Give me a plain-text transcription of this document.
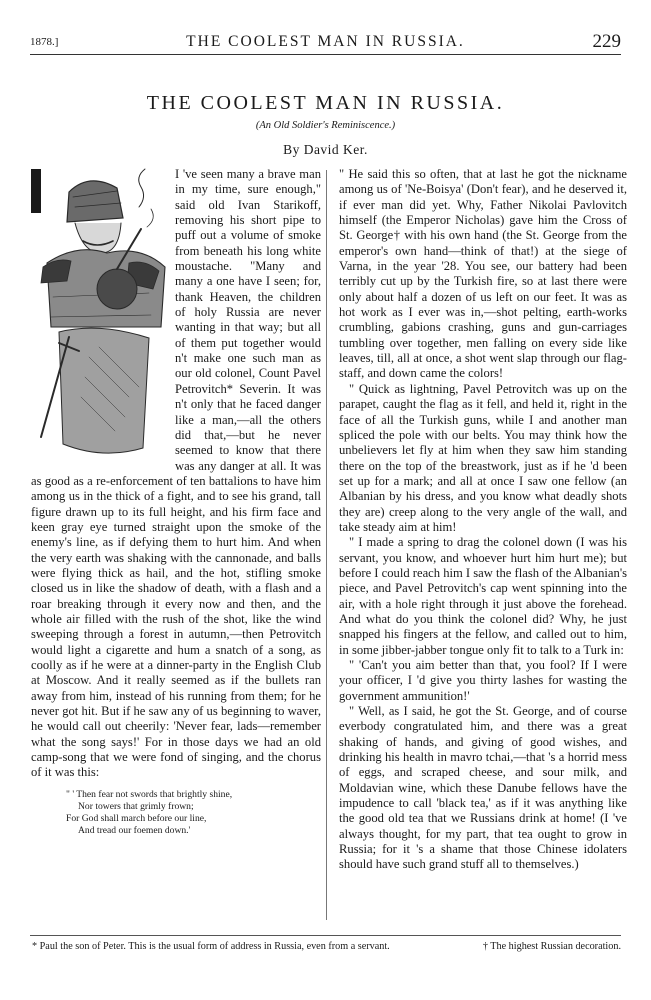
1878.]	THE COOLEST MAN IN RUSSIA.	229
THE COOLEST MAN IN RUSSIA.
(An Old Soldier's Reminiscence.)
By David Ker.

I 've seen many a brave man in my time, sure enough," said old Ivan Starikoff, removing his short pipe to puff out a volume of smoke from beneath his long white moustache. "Many and many a one have I seen; for, thank Heaven, the children of holy Russia are never wanting in that way; but all of them put together would n't make one such man as our old colonel, Count Pavel Petrovitch* Severin. It was n't only that he faced danger like a man,—all the others did that,—but he never seemed to know that there was any danger at all. It was as good as a re-enforcement of ten battalions to have him among us in the thick of a fight, and to see his grand, tall figure drawn up to its full height, and his firm face and keen gray eye turned straight upon the smoke of the enemy's line, as if defying them to hurt him. And when the very earth was shaking with the cannonade, and balls were flying thick as hail, and the hot, stifling smoke closed us in like the shadow of death, with a flash and a roar breaking through it every now and then, and the whole air filled with the rush of the shot, like the wind sweeping through a forest in autumn,—then Petrovitch would light a cigarette and hum a snatch of a song, as coolly as if he were at a dinner-party in the English Club at Moscow. And it really seemed as if the bullets ran away from him, instead of his running from them; for he never got hit. But if he saw any of us beginning to waver, he would call out cheerily: 'Never fear, lads—remember what the song says!' For in those days we had an old camp-song that we were fond of singing, and the chorus of it was this:

" ' Then fear not swords that brightly shine,
Nor towers that grimly frown;
For God shall march before our line,
And tread our foemen down.'

" He said this so often, that at last he got the nickname among us of 'Ne-Boisya' (Don't fear), and he deserved it, if ever man did yet. Why, Father Nikolai Pavlovitch himself (the Emperor Nicholas) gave him the Cross of St. George† with his own hand (the St. George from the emperor's own hand—think of that!) at the siege of Varna, in the year '28. You see, our battery had been terribly cut up by the Turkish fire, so at last there were only about half a dozen of us left on our feet. It was as hot work as I ever was in,—shot pelting, earth-works crumbling, gabions crashing, guns and gun-carriages tumbling over together, men falling on every side like leaves, till, all at once, a shot went slap through our flag-staff, and down came the colors!

" Quick as lightning, Pavel Petrovitch was up on the parapet, caught the flag as it fell, and held it, right in the face of all the Turkish guns, while I and another man spliced the pole with our belts. You may think how the unbelievers let fly at him when they saw him standing there on the top of the breastwork, just as if he 'd been set up for a mark; and all at once I saw one fellow (an Albanian by his dress, and you know what deadly shots they are) creep along to the very angle of the wall, and take steady aim at him!

" I made a spring to drag the colonel down (I was his servant, you know, and whoever hurt him hurt me); but before I could reach him I saw the flash of the Albanian's piece, and Pavel Petrovitch's cap went spinning into the air, with a hole right through it just above the forehead. And what do you think the colonel did? Why, he just snapped his fingers at the fellow, and called out to him, in some jibber-jabber tongue only fit to talk to a Turk in:

" 'Can't you aim better than that, you fool? If I were your officer, I 'd give you thirty lashes for wasting the government ammunition!'

" Well, as I said, he got the St. George, and of course everbody congratulated him, and there was a great shaking of hands, and giving of good wishes, and drinking his health in mavro tchai,—that 's a horrid mess of eggs, and scraped cheese, and sour milk, and Moldavian wine, which these Danube fellows have the impudence to call 'black tea,' as if it was anything like the good old tea that we Russians drink at home! (I 've always thought, for my part, that tea ought to grow in Russia; for it 's a shame that those Chinese idolaters should have such grand stuff all to themselves.)

* Paul the son of Peter. This is the usual form of address in Russia, even from a servant.	† The highest Russian decoration.
